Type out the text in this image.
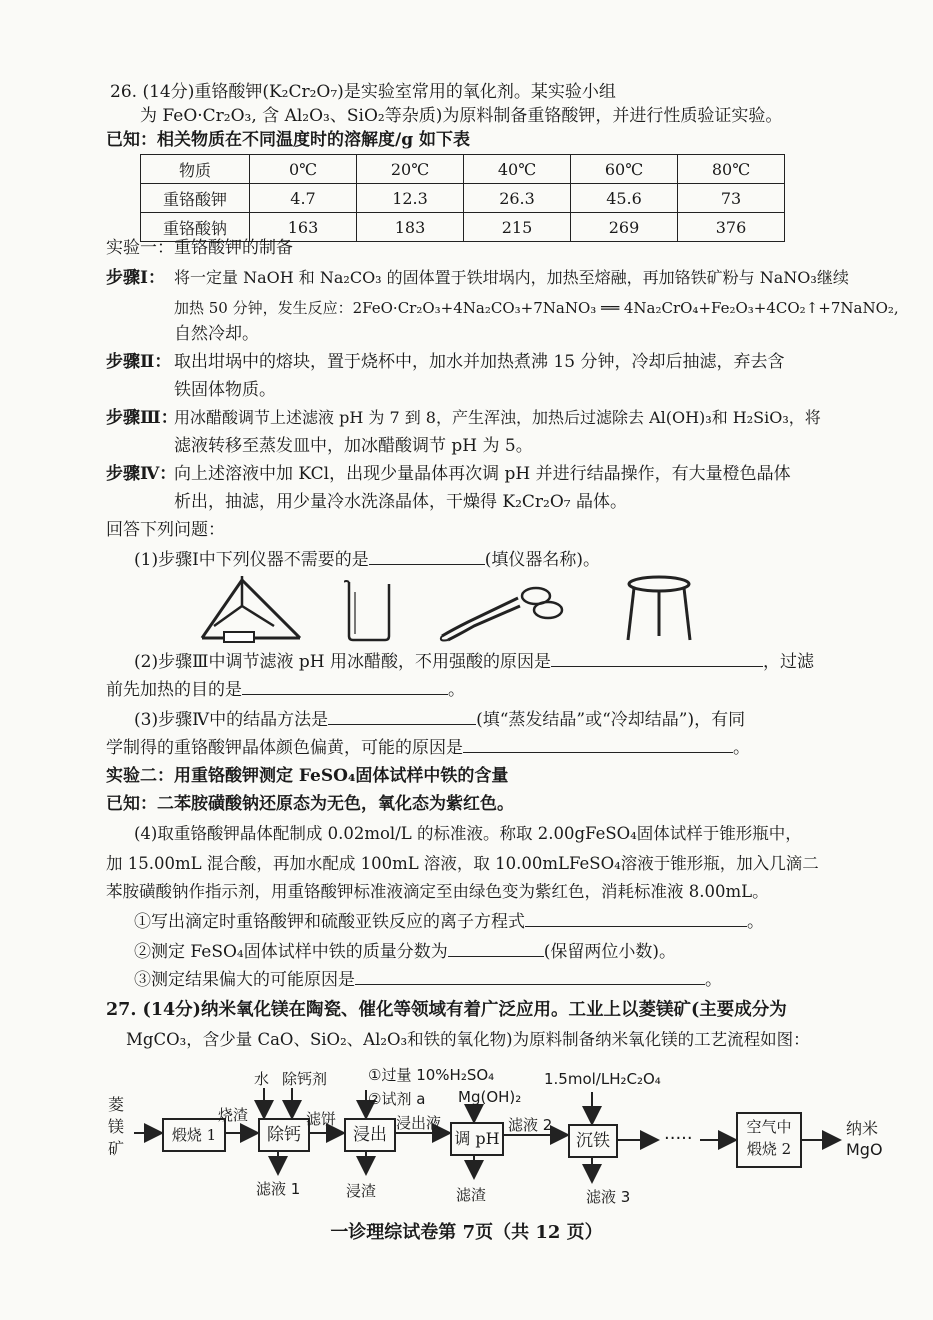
26. (14分)重铬酸钾(K₂Cr₂O₇)是实验室常用的氧化剂。某实验小组
为 FeO·Cr₂O₃, 含 Al₂O₃、SiO₂等杂质)为原料制备重铬酸钾，并进行性质验证实验。
已知：相关物质在不同温度时的溶解度/g 如下表
物质	0℃	20℃	40℃	60℃	80℃
重铬酸钾	4.7	12.3	26.3	45.6	73
重铬酸钠	163	183	215	269	376
实验一：重铬酸钾的制备
步骤Ⅰ： 将一定量 NaOH 和 Na₂CO₃ 的固体置于铁坩埚内，加热至熔融，再加铬铁矿粉与 NaNO₃继续
加热 50 分钟，发生反应：2FeO·Cr₂O₃+4Na₂CO₃+7NaNO₃ ══ 4Na₂CrO₄+Fe₂O₃+4CO₂↑+7NaNO₂,
自然冷却。
步骤Ⅱ： 取出坩埚中的熔块，置于烧杯中，加水并加热煮沸 15 分钟，冷却后抽滤，弃去含
铁固体物质。
步骤Ⅲ：
用冰醋酸调节上述滤液 pH 为 7 到 8，产生浑浊，加热后过滤除去 Al(OH)₃和 H₂SiO₃，将
滤液转移至蒸发皿中，加冰醋酸调节 pH 为 5。
步骤Ⅳ：
向上述溶液中加 KCl，出现少量晶体再次调 pH 并进行结晶操作，有大量橙色晶体
析出，抽滤，用少量冷水洗涤晶体，干燥得 K₂Cr₂O₇ 晶体。
回答下列问题：
(1)步骤Ⅰ中下列仪器不需要的是	(填仪器名称)。
(2)步骤Ⅲ中调节滤液 pH 用冰醋酸，不用强酸的原因是	，过滤
前先加热的目的是	。
(3)步骤Ⅳ中的结晶方法是	(填“蒸发结晶”或“冷却结晶”)，有同
学制得的重铬酸钾晶体颜色偏黄，可能的原因是	。
实验二：用重铬酸钾测定 FeSO₄固体试样中铁的含量
已知：二苯胺磺酸钠还原态为无色，氧化态为紫红色。
(4)取重铬酸钾晶体配制成 0.02mol/L 的标准液。称取 2.00gFeSO₄固体试样于锥形瓶中，
加 15.00mL 混合酸，再加水配成 100mL 溶液，取 10.00mLFeSO₄溶液于锥形瓶，加入几滴二
苯胺磺酸钠作指示剂，用重铬酸钾标准液滴定至由绿色变为紫红色，消耗标准液 8.00mL。
①写出滴定时重铬酸钾和硫酸亚铁反应的离子方程式	。
②测定 FeSO₄固体试样中铁的质量分数为	(保留两位小数)。
③测定结果偏大的可能原因是	。
27. (14分)纳米氧化镁在陶瓷、催化等领域有着广泛应用。工业上以菱镁矿(主要成分为
MgCO₃，含少量 CaO、SiO₂、Al₂O₃和铁的氧化物)为原料制备纳米氧化镁的工艺流程如图：
菱
镁
矿
煅烧 1	除钙	浸出	调 pH	沉铁
空气中
煅烧 2
水 除钙剂	①过量 10%H₂SO₄
②试剂 a Mg(OH)₂
1.5mol/LH₂C₂O₄
烧渣	滤饼	浸出液	滤液 2
·····	纳米
MgO
滤液 1	浸渣	滤渣	滤液 3
一诊理综试卷第 7页（共 12 页）
